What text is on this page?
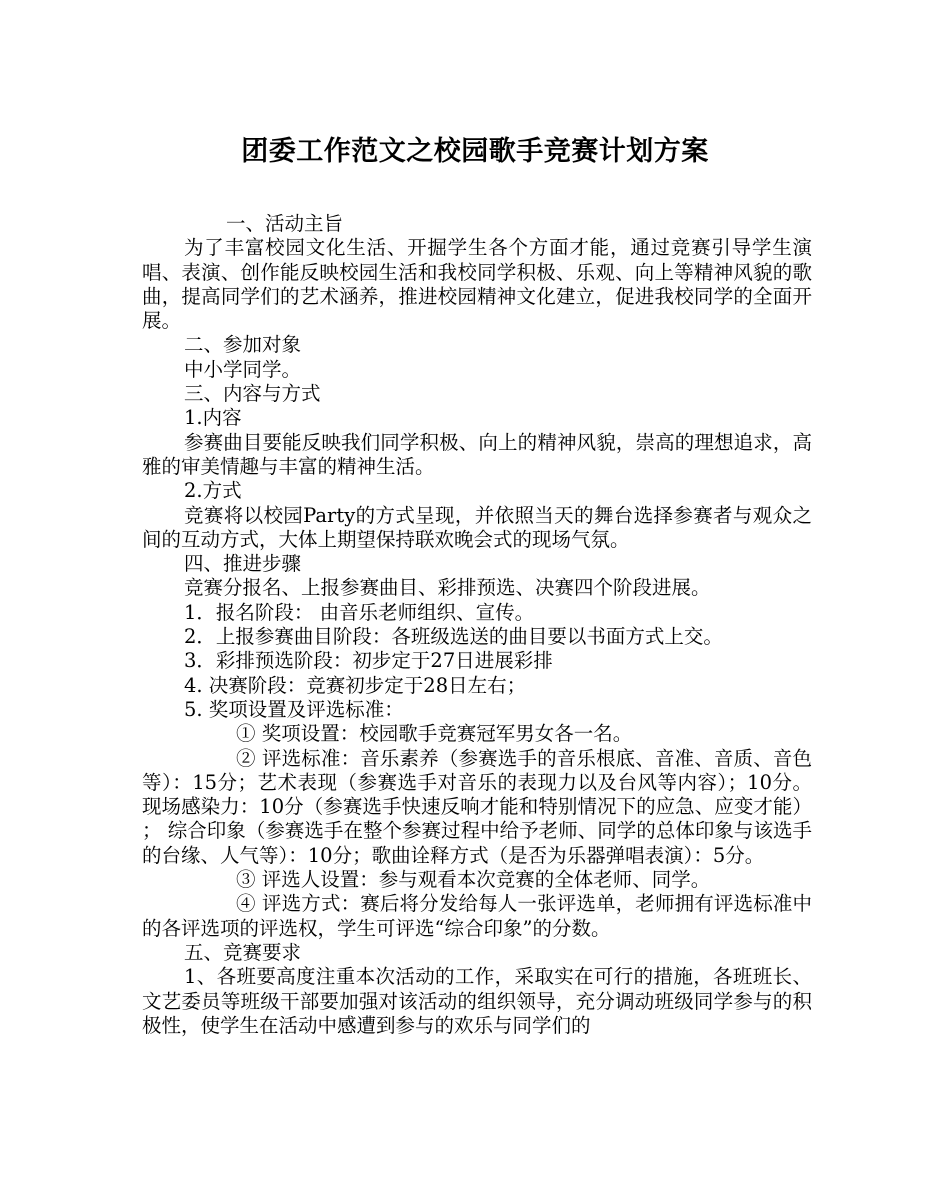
团委工作范文之校园歌手竞赛计划方案

一、活动主旨

为了丰富校园文化生活、开掘学生各个方面才能，通过竞赛引导学生演唱、表演、创作能反映校园生活和我校同学积极、乐观、向上等精神风貌的歌曲，提高同学们的艺术涵养，推进校园精神文化建立，促进我校同学的全面开展。

二、参加对象

中小学同学。

三、内容与方式

1.内容

参赛曲目要能反映我们同学积极、向上的精神风貌，崇高的理想追求，高雅的审美情趣与丰富的精神生活。

2.方式

竞赛将以校园Party的方式呈现，并依照当天的舞台选择参赛者与观众之间的互动方式，大体上期望保持联欢晚会式的现场气氛。

四、推进步骤

竞赛分报名、上报参赛曲目、彩排预选、决赛四个阶段进展。

1．报名阶段： 由音乐老师组织、宣传。

2．上报参赛曲目阶段：各班级选送的曲目要以书面方式上交。

3．彩排预选阶段：初步定于27日进展彩排

4. 决赛阶段：竞赛初步定于28日左右；

5. 奖项设置及评选标准：

① 奖项设置：校园歌手竞赛冠军男女各一名。

② 评选标准：音乐素养（参赛选手的音乐根底、音准、音质、音色等）：15分；艺术表现（参赛选手对音乐的表现力以及台风等内容）；10分。 现场感染力：10分（参赛选手快速反响才能和特别情况下的应急、应变才能） ； 综合印象（参赛选手在整个参赛过程中给予老师、同学的总体印象与该选手的台缘、人气等）：10分；歌曲诠释方式（是否为乐器弹唱表演）：5分。

③ 评选人设置：参与观看本次竞赛的全体老师、同学。

④ 评选方式：赛后将分发给每人一张评选单，老师拥有评选标准中的各评选项的评选权，学生可评选“综合印象”的分数。

五、竞赛要求

1、各班要高度注重本次活动的工作，采取实在可行的措施，各班班长、文艺委员等班级干部要加强对该活动的组织领导，充分调动班级同学参与的积极性，使学生在活动中感遭到参与的欢乐与同学们的
